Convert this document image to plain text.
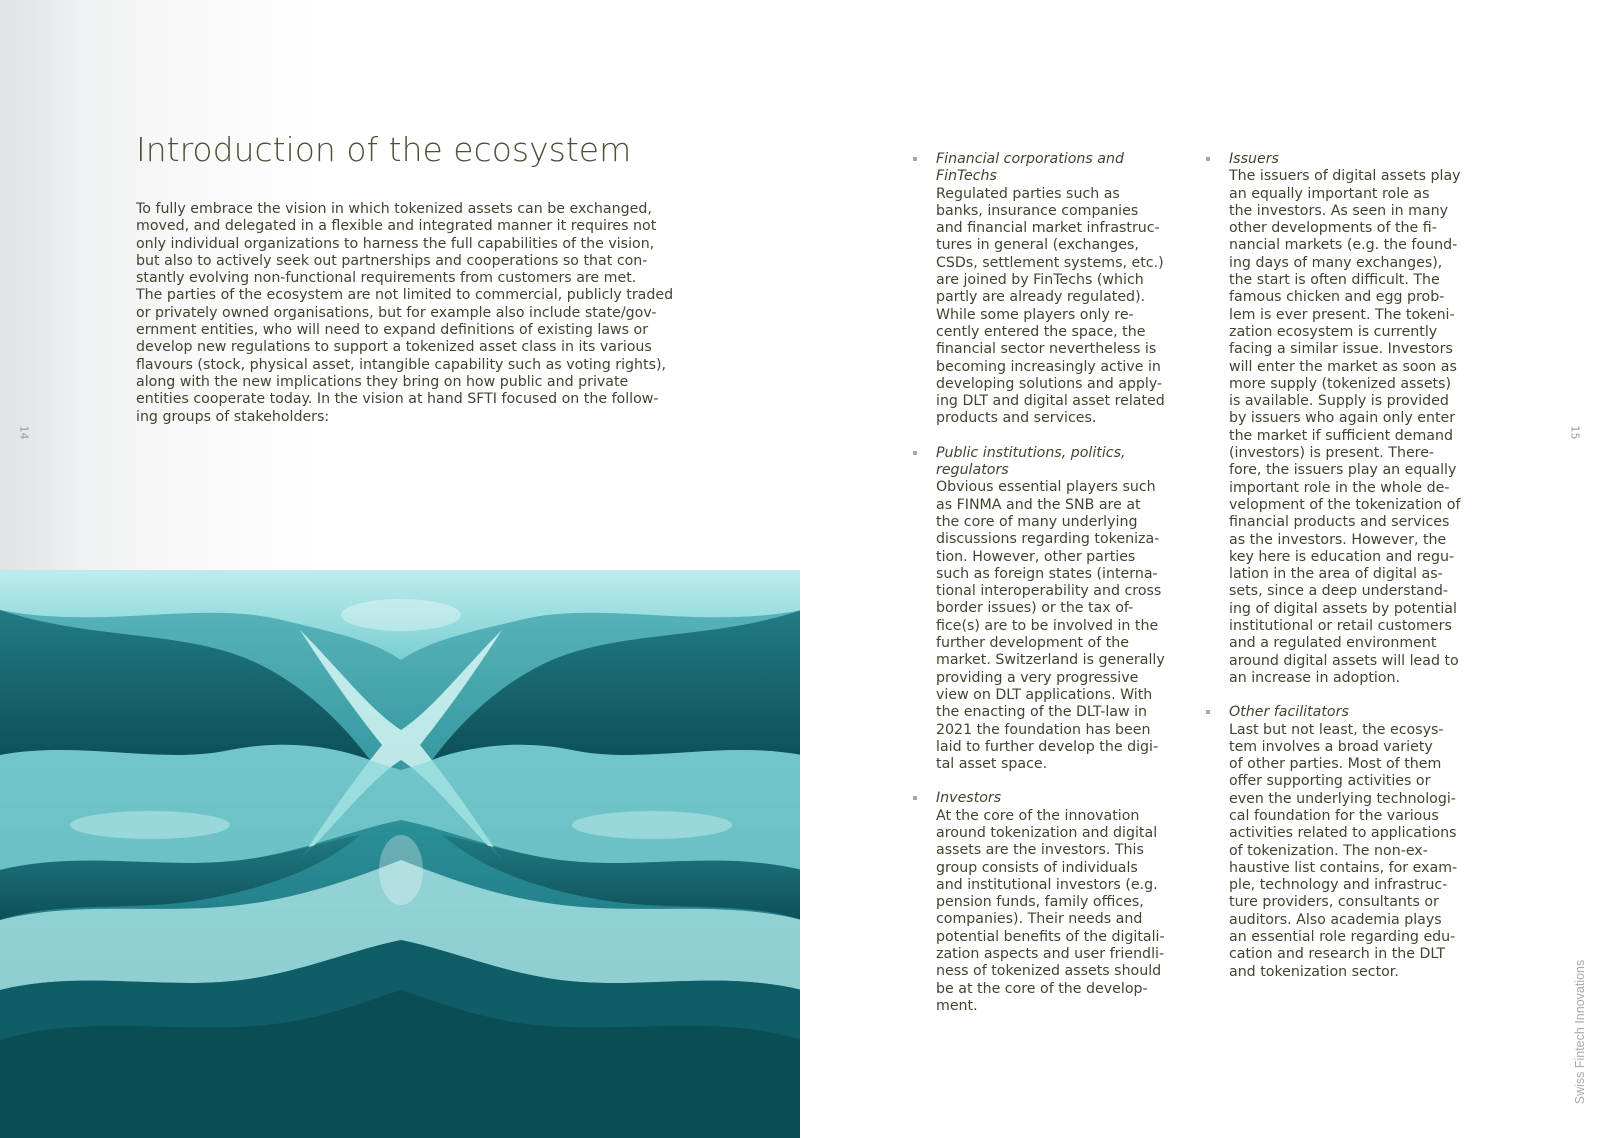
Introduction of the ecosystem

To fully embrace the vision in which tokenized assets can be exchanged,

moved, and delegated in a flexible and integrated manner it requires not

only individual organizations to harness the full capabilities of the vision,

but also to actively seek out partnerships and cooperations so that con-

stantly evolving non-functional requirements from customers are met.

The parties of the ecosystem are not limited to commercial, publicly traded

or privately owned organisations, but for example also include state/gov-

ernment entities, who will need to expand definitions of existing laws or

develop new regulations to support a tokenized asset class in its various

flavours (stock, physical asset, intangible capability such as voting rights),

along with the new implications they bring on how public and private

entities cooperate today. In the vision at hand SFTI focused on the follow-

ing groups of stakeholders:

14
Financial corporations and
FinTechs
Regulated parties such as
banks, insurance companies
and financial market infrastruc-
tures in general (exchanges,
CSDs, settlement systems, etc.)
are joined by FinTechs (which
partly are already regulated).
While some players only re-
cently entered the space, the
financial sector nevertheless is
becoming increasingly active in
developing solutions and apply-
ing DLT and digital asset related
products and services.
Public institutions, politics,
regulators
Obvious essential players such
as FINMA and the SNB are at
the core of many underlying
discussions regarding tokeniza-
tion. However, other parties
such as foreign states (interna-
tional interoperability and cross
border issues) or the tax of-
fice(s) are to be involved in the
further development of the
market. Switzerland is generally
providing a very progressive
view on DLT applications. With
the enacting of the DLT-law in
2021 the foundation has been
laid to further develop the digi-
tal asset space.
Investors
At the core of the innovation
around tokenization and digital
assets are the investors. This
group consists of individuals
and institutional investors (e.g.
pension funds, family offices,
companies). Their needs and
potential benefits of the digitali-
zation aspects and user friendli-
ness of tokenized assets should
be at the core of the develop-
ment.
Issuers
The issuers of digital assets play
an equally important role as
the investors. As seen in many
other developments of the fi-
nancial markets (e.g. the found-
ing days of many exchanges),
the start is often difficult. The
famous chicken and egg prob-
lem is ever present. The tokeni-
zation ecosystem is currently
facing a similar issue. Investors
will enter the market as soon as
more supply (tokenized assets)
is available. Supply is provided
by issuers who again only enter
the market if sufficient demand
(investors) is present. There-
fore, the issuers play an equally
important role in the whole de-
velopment of the tokenization of
financial products and services
as the investors. However, the
key here is education and regu-
lation in the area of digital as-
sets, since a deep understand-
ing of digital assets by potential
institutional or retail customers
and a regulated environment
around digital assets will lead to
an increase in adoption.
Other facilitators
Last but not least, the ecosys-
tem involves a broad variety
of other parties. Most of them
offer supporting activities or
even the underlying technologi-
cal foundation for the various
activities related to applications
of tokenization. The non-ex-
haustive list contains, for exam-
ple, technology and infrastruc-
ture providers, consultants or
auditors. Also academia plays
an essential role regarding edu-
cation and research in the DLT
and tokenization sector.
15
Swiss Fintech Innovations
